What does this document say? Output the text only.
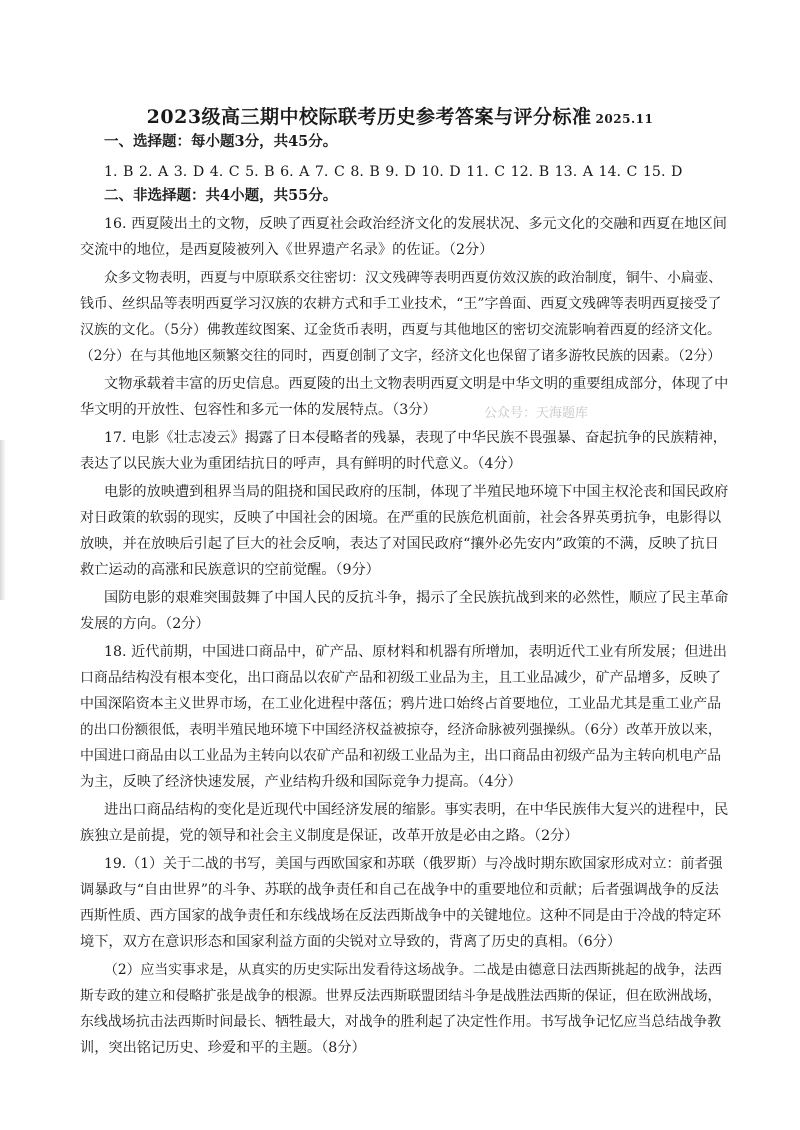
2023级高三期中校际联考历史参考答案与评分标准 2025.11
一、选择题：每小题3分，共45分。
1. B 2. A 3. D 4. C 5. B 6. A 7. C 8. B 9. D 10. D 11. C 12. B 13. A 14. C 15. D
二、非选择题：共4小题，共55分。
16. 西夏陵出土的文物，反映了西夏社会政治经济文化的发展状况、多元文化的交融和西夏在地区间
交流中的地位，是西夏陵被列入《世界遗产名录》的佐证。（2分）
众多文物表明，西夏与中原联系交往密切：汉文残碑等表明西夏仿效汉族的政治制度，铜牛、小扁壶、
钱币、丝织品等表明西夏学习汉族的农耕方式和手工业技术，“王”字兽面、西夏文残碑等表明西夏接受了
汉族的文化。（5分）佛教莲纹图案、辽金货币表明，西夏与其他地区的密切交流影响着西夏的经济文化。
（2分）在与其他地区频繁交往的同时，西夏创制了文字，经济文化也保留了诸多游牧民族的因素。（2分）
文物承载着丰富的历史信息。西夏陵的出土文物表明西夏文明是中华文明的重要组成部分，体现了中
华文明的开放性、包容性和多元一体的发展特点。（3分）	公众号：天海题库
17. 电影《壮志凌云》揭露了日本侵略者的残暴，表现了中华民族不畏强暴、奋起抗争的民族精神，
表达了以民族大业为重团结抗日的呼声，具有鲜明的时代意义。（4分）
电影的放映遭到租界当局的阻挠和国民政府的压制，体现了半殖民地环境下中国主权沦丧和国民政府
对日政策的软弱的现实，反映了中国社会的困境。在严重的民族危机面前，社会各界英勇抗争，电影得以
放映，并在放映后引起了巨大的社会反响，表达了对国民政府“攘外必先安内”政策的不满，反映了抗日
救亡运动的高涨和民族意识的空前觉醒。（9分）
国防电影的艰难突围鼓舞了中国人民的反抗斗争，揭示了全民族抗战到来的必然性，顺应了民主革命
发展的方向。（2分）
18. 近代前期，中国进口商品中，矿产品、原材料和机器有所增加，表明近代工业有所发展；但进出
口商品结构没有根本变化，出口商品以农矿产品和初级工业品为主，且工业品减少，矿产品增多，反映了
中国深陷资本主义世界市场，在工业化进程中落伍；鸦片进口始终占首要地位，工业品尤其是重工业产品
的出口份额很低，表明半殖民地环境下中国经济权益被掠夺，经济命脉被列强操纵。（6分）改革开放以来，
中国进口商品由以工业品为主转向以农矿产品和初级工业品为主，出口商品由初级产品为主转向机电产品
为主，反映了经济快速发展，产业结构升级和国际竞争力提高。（4分）
进出口商品结构的变化是近现代中国经济发展的缩影。事实表明，在中华民族伟大复兴的进程中，民
族独立是前提，党的领导和社会主义制度是保证，改革开放是必由之路。（2分）
19.（1）关于二战的书写，美国与西欧国家和苏联（俄罗斯）与冷战时期东欧国家形成对立：前者强
调暴政与“自由世界”的斗争、苏联的战争责任和自己在战争中的重要地位和贡献；后者强调战争的反法
西斯性质、西方国家的战争责任和东线战场在反法西斯战争中的关键地位。这种不同是由于冷战的特定环
境下，双方在意识形态和国家利益方面的尖锐对立导致的，背离了历史的真相。（6分）
（2）应当实事求是，从真实的历史实际出发看待这场战争。二战是由德意日法西斯挑起的战争，法西
斯专政的建立和侵略扩张是战争的根源。世界反法西斯联盟团结斗争是战胜法西斯的保证，但在欧洲战场，
东线战场抗击法西斯时间最长、牺牲最大，对战争的胜利起了决定性作用。书写战争记忆应当总结战争教
训，突出铭记历史、珍爱和平的主题。（8分）
